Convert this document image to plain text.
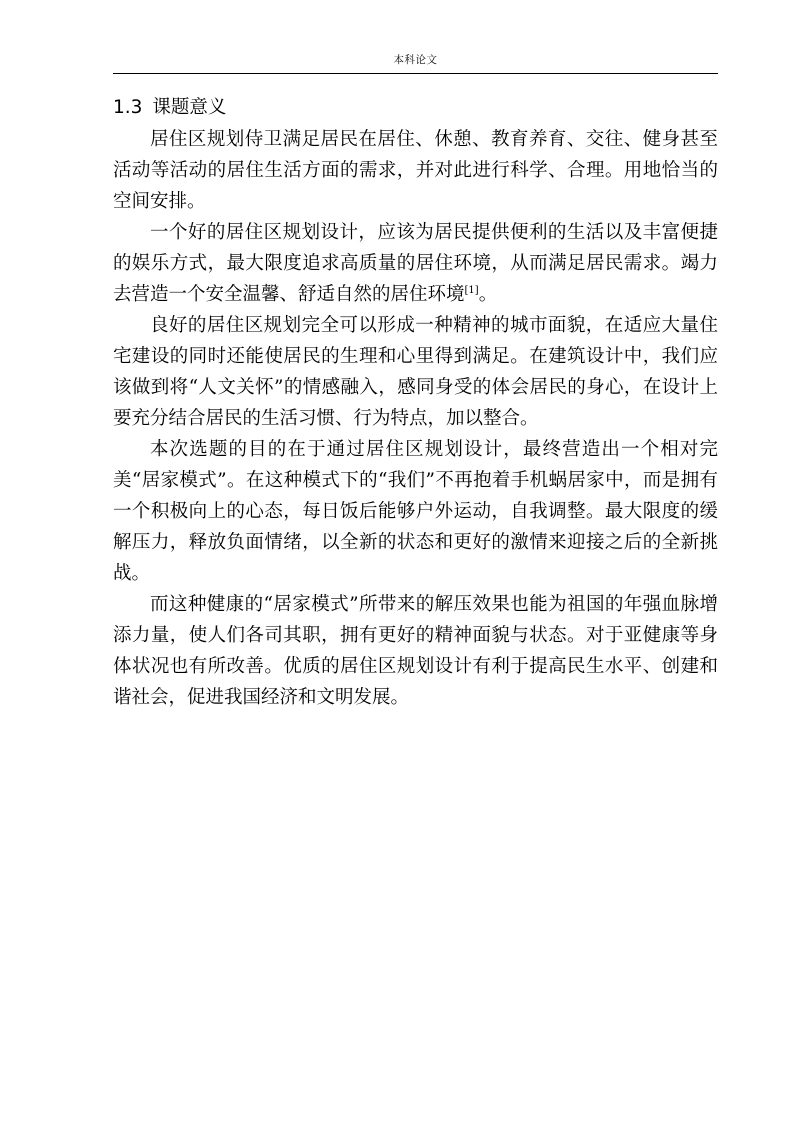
本科论文
1.3 课题意义

居住区规划侍卫满足居民在居住、休憩、教育养育、交往、健身甚至活动等活动的居住生活方面的需求，并对此进行科学、合理。用地恰当的空间安排。

一个好的居住区规划设计，应该为居民提供便利的生活以及丰富便捷的娱乐方式，最大限度追求高质量的居住环境，从而满足居民需求。竭力去营造一个安全温馨、舒适自然的居住环境[1]。

良好的居住区规划完全可以形成一种精神的城市面貌，在适应大量住宅建设的同时还能使居民的生理和心里得到满足。在建筑设计中，我们应该做到将“人文关怀”的情感融入，感同身受的体会居民的身心，在设计上要充分结合居民的生活习惯、行为特点，加以整合。

本次选题的目的在于通过居住区规划设计，最终营造出一个相对完美“居家模式”。在这种模式下的“我们”不再抱着手机蜗居家中，而是拥有一个积极向上的心态，每日饭后能够户外运动，自我调整。最大限度的缓解压力，释放负面情绪，以全新的状态和更好的激情来迎接之后的全新挑战。

而这种健康的“居家模式”所带来的解压效果也能为祖国的年强血脉增添力量，使人们各司其职，拥有更好的精神面貌与状态。对于亚健康等身体状况也有所改善。优质的居住区规划设计有利于提高民生水平、创建和谐社会，促进我国经济和文明发展。
